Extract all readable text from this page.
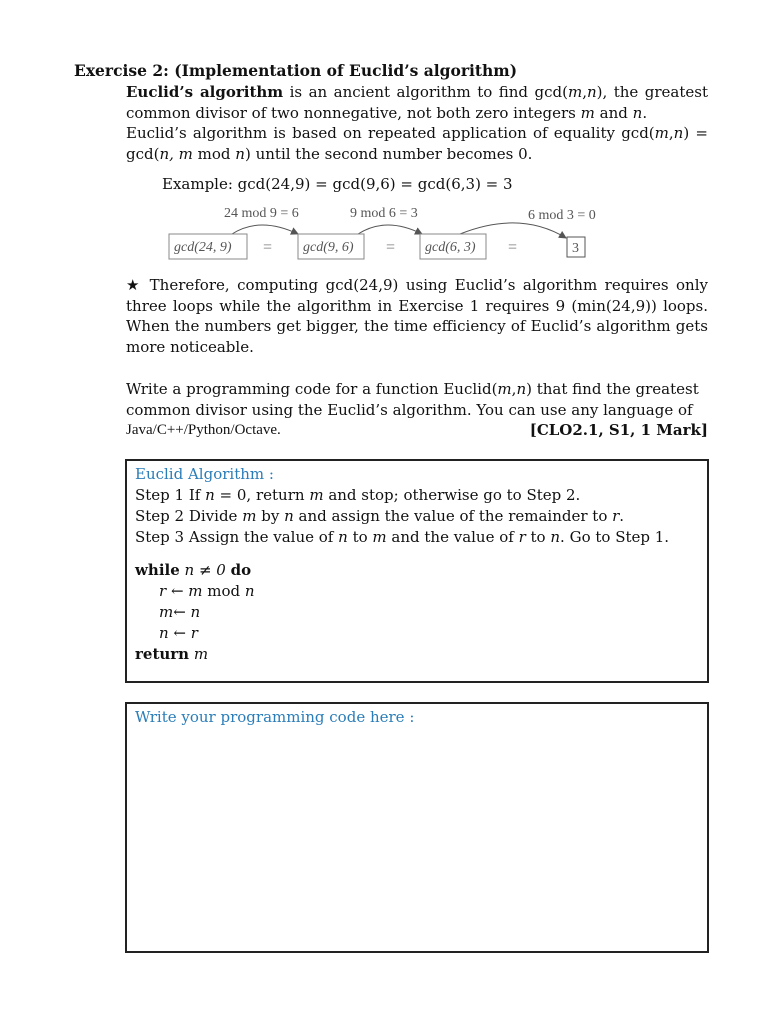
Exercise 2: (Implementation of Euclid’s algorithm)
Euclid’s algorithm is an ancient algorithm to find gcd(m,n), the greatest common divisor of two nonnegative, not both zero integers m and n.
Euclid’s algorithm is based on repeated application of equality gcd(m,n) = gcd(n, m mod n) until the second number becomes 0.
Example: gcd(24,9) = gcd(9,6) = gcd(6,3) = 3
24 mod 9 = 6	9 mod 6 = 3	6 mod 3 = 0
gcd(24, 9) = gcd(9, 6) = gcd(6, 3) =	3
★ Therefore, computing gcd(24,9) using Euclid’s algorithm requires only three loops while the algorithm in Exercise 1 requires 9 (min(24,9)) loops. When the numbers get bigger, the time efficiency of Euclid’s algorithm gets more noticeable.
Write a programming code for a function Euclid(m,n) that find the greatest
common divisor using the Euclid’s algorithm. You can use any language of
Java/C++/Python/Octave.	[CLO2.1, S1, 1 Mark]
Euclid Algorithm :
Step 1 If n = 0, return m and stop; otherwise go to Step 2.
Step 2 Divide m by n and assign the value of the remainder to r.
Step 3 Assign the value of n to m and the value of r to n. Go to Step 1.
while n ≠ 0 do
r ← m mod n
m← n
n ← r
return m
Write your programming code here :
